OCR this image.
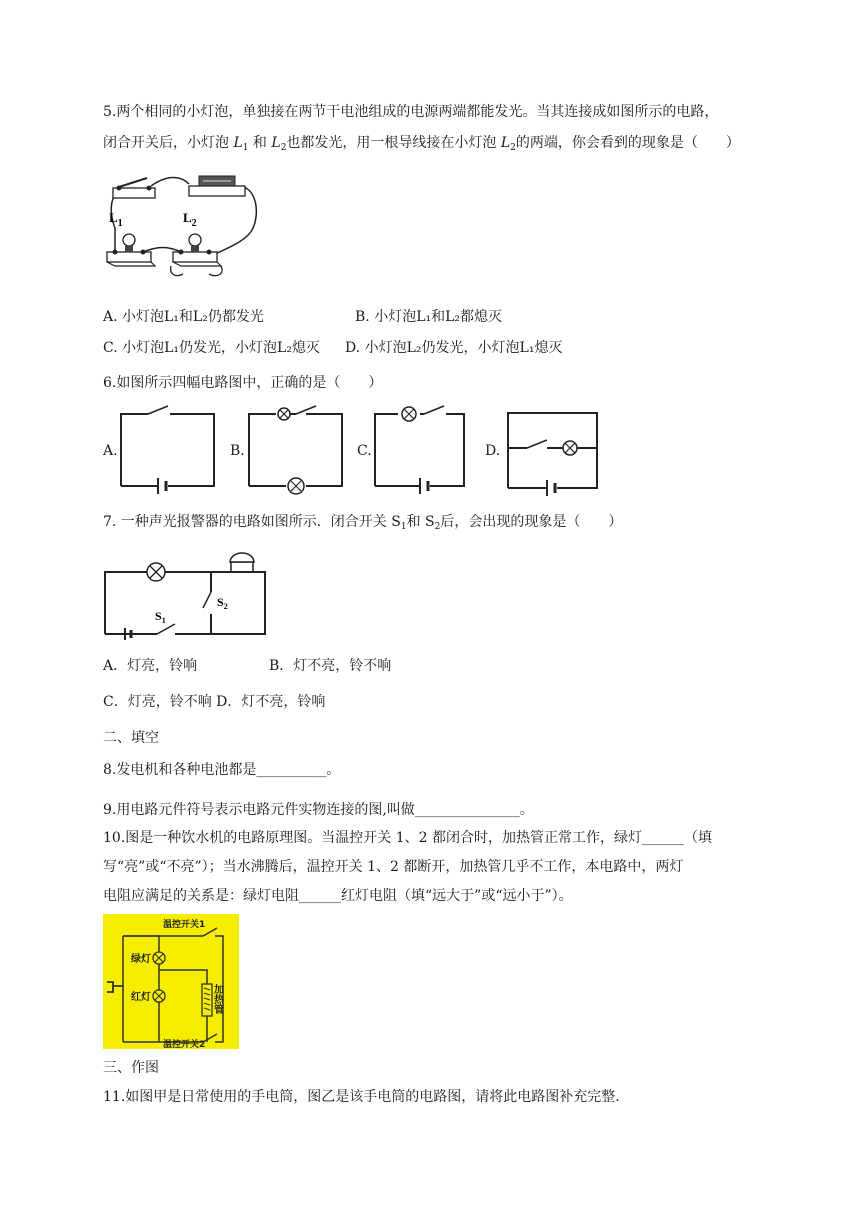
5.两个相同的小灯泡，单独接在两节干电池组成的电源两端都能发光。当其连接成如图所示的电路，
闭合开关后，小灯泡 $L_1$ 和 $L_2$也都发光，用一根导线接在小灯泡 $L_2$的两端，你会看到的现象是（　　）
$L_1$	$L_2$
A. 小灯泡L₁和L₂仍都发光	B. 小灯泡L₁和L₂都熄灭
C. 小灯泡L₁仍发光，小灯泡L₂熄灭 D. 小灯泡L₂仍发光，小灯泡L₁熄灭
6.如图所示四幅电路图中，正确的是（　　）
A.	B.	C.	D.
7. 一种声光报警器的电路如图所示．闭合开关 $S_1$和 $S_2$后，会出现的现象是（　　）
$S_2$
$S_1$
A．灯亮，铃响	B．灯不亮，铃不响
C．灯亮，铃不响 D．灯不亮，铃响
二、填空
8.发电机和各种电池都是__________。
9.用电路元件符号表示电路元件实物连接的图,叫做_______________。
10.图是一种饮水机的电路原理图。当温控开关 1、2 都闭合时，加热管正常工作，绿灯______（填
写“亮”或“不亮”）；当水沸腾后，温控开关 1、2 都断开，加热管几乎不工作，本电路中，两灯
电阻应满足的关系是：绿灯电阻______红灯电阻（填“远大于”或“远小于”）。
温控开关1
绿灯
红灯	加热管
温控开关2
三、作图
11.如图甲是日常使用的手电筒，图乙是该手电筒的电路图，请将此电路图补充完整.
